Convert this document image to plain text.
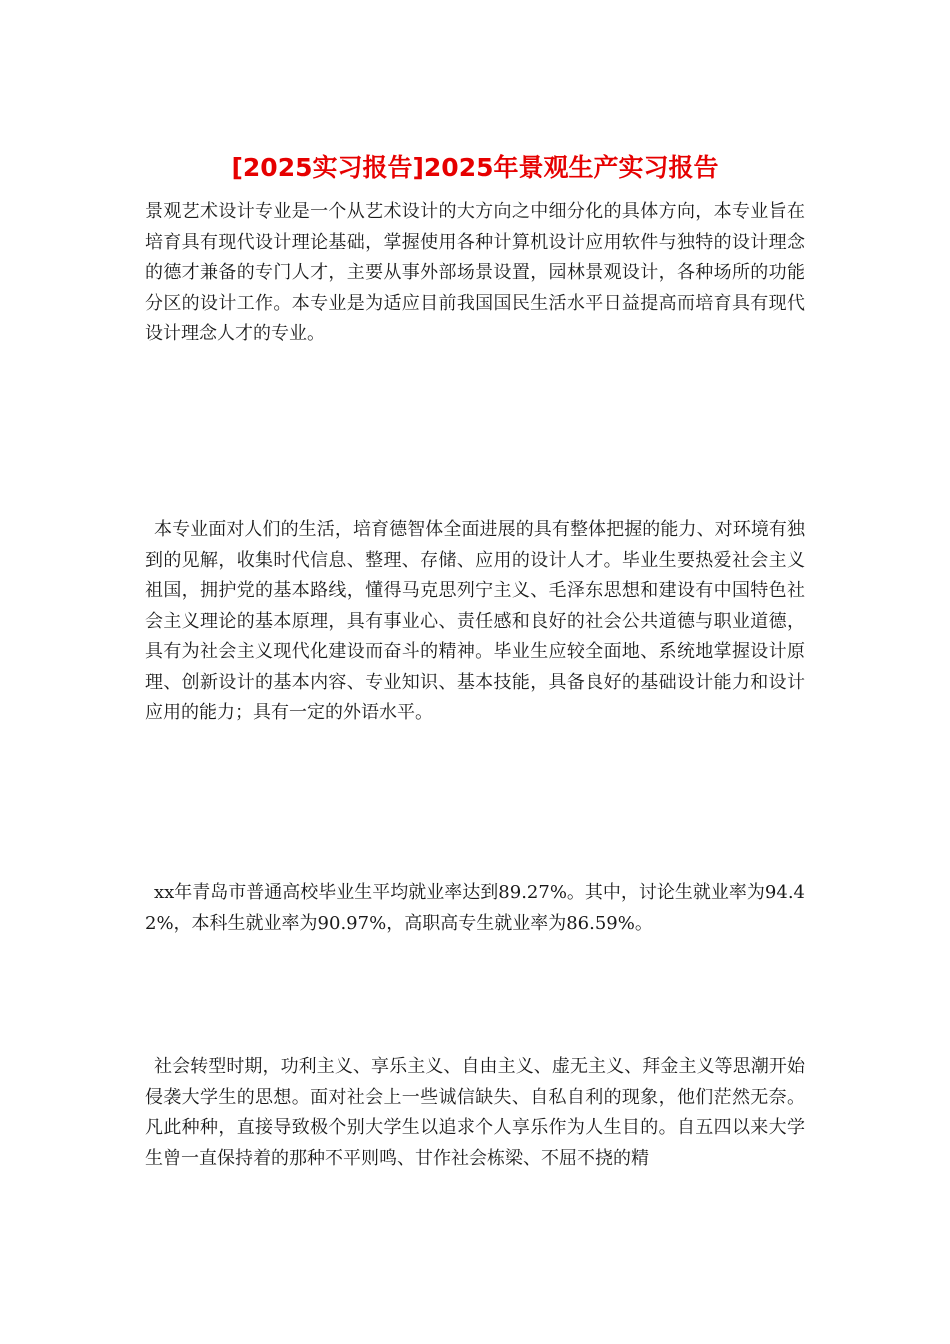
[2025实习报告]2025年景观生产实习报告

景观艺术设计专业是一个从艺术设计的大方向之中细分化的具体方向，本专业旨在培育具有现代设计理论基础，掌握使用各种计算机设计应用软件与独特的设计理念的德才兼备的专门人才，主要从事外部场景设置，园林景观设计，各种场所的功能分区的设计工作。本专业是为适应目前我国国民生活水平日益提高而培育具有现代设计理念人才的专业。

本专业面对人们的生活，培育德智体全面进展的具有整体把握的能力、对环境有独到的见解，收集时代信息、整理、存储、应用的设计人才。毕业生要热爱社会主义祖国，拥护党的基本路线，懂得马克思列宁主义、毛泽东思想和建设有中国特色社会主义理论的基本原理，具有事业心、责任感和良好的社会公共道德与职业道德，具有为社会主义现代化建设而奋斗的精神。毕业生应较全面地、系统地掌握设计原理、创新设计的基本内容、专业知识、基本技能，具备良好的基础设计能力和设计应用的能力；具有一定的外语水平。

xx年青岛市普通高校毕业生平均就业率达到89.27%。其中，讨论生就业率为94.42%，本科生就业率为90.97%，高职高专生就业率为86.59%。

社会转型时期，功利主义、享乐主义、自由主义、虚无主义、拜金主义等思潮开始侵袭大学生的思想。面对社会上一些诚信缺失、自私自利的现象，他们茫然无奈。凡此种种，直接导致极个别大学生以追求个人享乐作为人生目的。自五四以来大学生曾一直保持着的那种不平则鸣、甘作社会栋梁、不屈不挠的精
